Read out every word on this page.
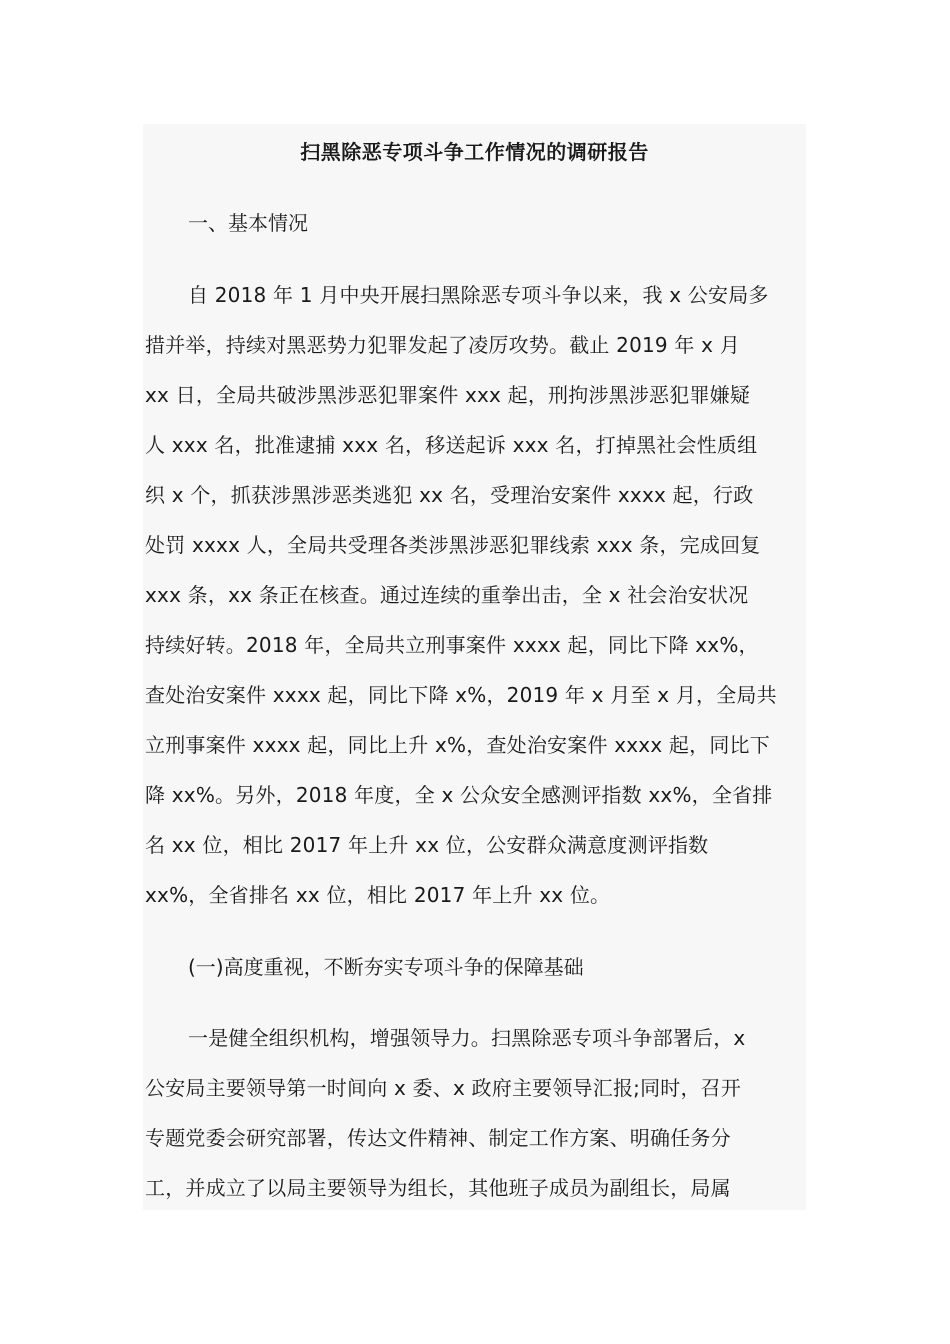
扫黑除恶专项斗争工作情况的调研报告

一、基本情况

自 2018 年 1 月中央开展扫黑除恶专项斗争以来，我 x 公安局多
措并举，持续对黑恶势力犯罪发起了凌厉攻势。截止 2019 年 x 月
xx 日，全局共破涉黑涉恶犯罪案件 xxx 起，刑拘涉黑涉恶犯罪嫌疑
人 xxx 名，批准逮捕 xxx 名，移送起诉 xxx 名，打掉黑社会性质组
织 x 个，抓获涉黑涉恶类逃犯 xx 名，受理治安案件 xxxx 起，行政
处罚 xxxx 人，全局共受理各类涉黑涉恶犯罪线索 xxx 条，完成回复
xxx 条，xx 条正在核查。通过连续的重拳出击，全 x 社会治安状况
持续好转。2018 年，全局共立刑事案件 xxxx 起，同比下降 xx%，
查处治安案件 xxxx 起，同比下降 x%，2019 年 x 月至 x 月，全局共
立刑事案件 xxxx 起，同比上升 x%，查处治安案件 xxxx 起，同比下
降 xx%。另外，2018 年度，全 x 公众安全感测评指数 xx%，全省排
名 xx 位，相比 2017 年上升 xx 位，公安群众满意度测评指数
xx%，全省排名 xx 位，相比 2017 年上升 xx 位。

(一)高度重视，不断夯实专项斗争的保障基础

一是健全组织机构，增强领导力。扫黑除恶专项斗争部署后，x
公安局主要领导第一时间向 x 委、x 政府主要领导汇报;同时，召开
专题党委会研究部署，传达文件精神、制定工作方案、明确任务分
工，并成立了以局主要领导为组长，其他班子成员为副组长，局属
